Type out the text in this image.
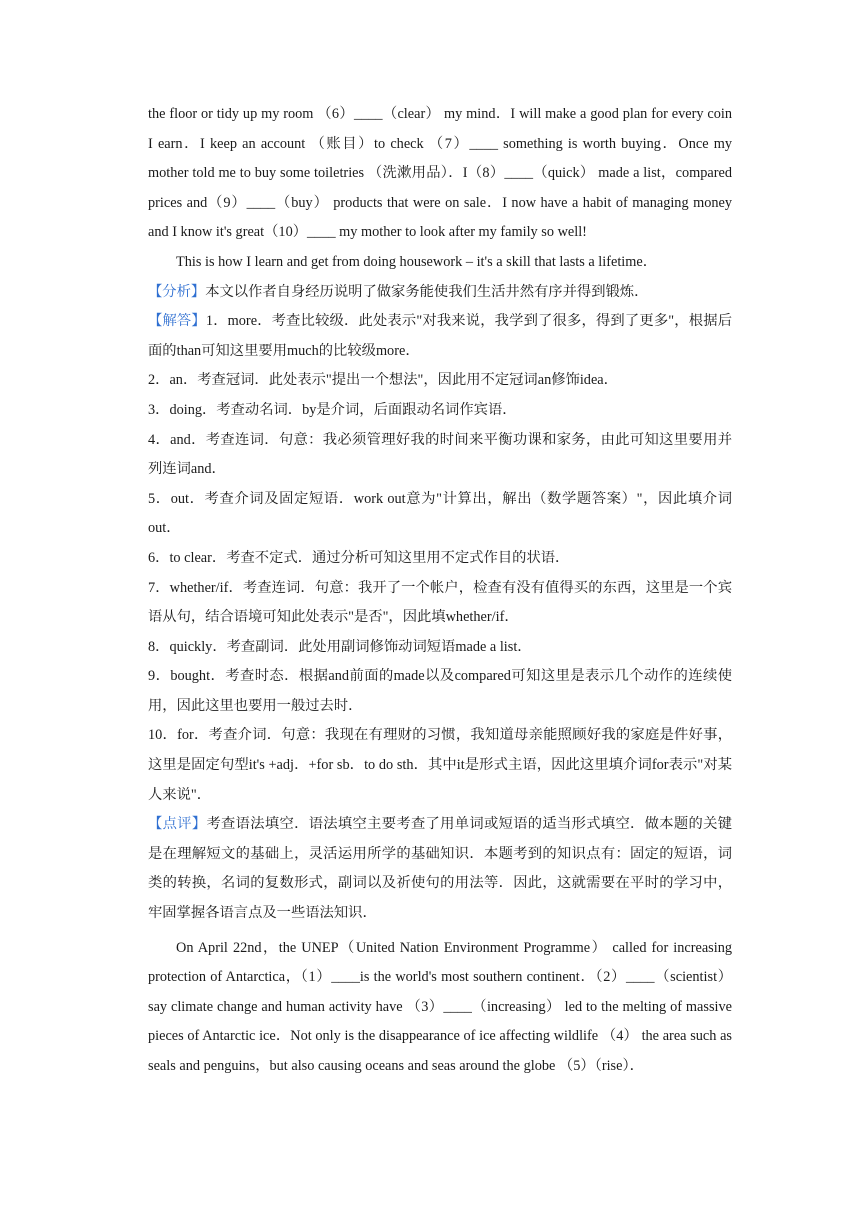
the floor or tidy up my room （6）____（clear） my mind．I will make a good plan for every coin I earn．I keep an account （账目）to check （7）____ something is worth buying．Once my mother told me to buy some toiletries （洗漱用品）．I（8）____（quick） made a list，compared prices and（9）____（buy） products that were on sale．I now have a habit of managing money and I know it's great（10）____ my mother to look after my family so well!

This is how I learn and get from doing housework – it's a skill that lasts a lifetime．

【分析】本文以作者自身经历说明了做家务能使我们生活井然有序并得到锻炼．

【解答】1．more．考查比较级．此处表示"对我来说，我学到了很多，得到了更多"，根据后面的than可知这里要用much的比较级more．

2．an．考查冠词．此处表示"提出一个想法"，因此用不定冠词an修饰idea．

3．doing．考查动名词．by是介词，后面跟动名词作宾语．

4．and．考查连词．句意：我必须管理好我的时间来平衡功课和家务，由此可知这里要用并列连词and．

5．out．考查介词及固定短语．work out意为"计算出，解出（数学题答案）"，因此填介词out．

6．to clear．考查不定式．通过分析可知这里用不定式作目的状语．

7．whether/if．考查连词．句意：我开了一个帐户，检查有没有值得买的东西，这里是一个宾语从句，结合语境可知此处表示"是否"，因此填whether/if．

8．quickly．考查副词．此处用副词修饰动词短语made a list．

9．bought．考查时态．根据and前面的made以及compared可知这里是表示几个动作的连续使用，因此这里也要用一般过去时．

10．for．考查介词．句意：我现在有理财的习惯，我知道母亲能照顾好我的家庭是件好事，这里是固定句型it's +adj．+for sb．to do sth．其中it是形式主语，因此这里填介词for表示"对某人来说"．

【点评】考查语法填空．语法填空主要考查了用单词或短语的适当形式填空．做本题的关键是在理解短文的基础上，灵活运用所学的基础知识．本题考到的知识点有：固定的短语，词类的转换，名词的复数形式，副词以及祈使句的用法等．因此，这就需要在平时的学习中，牢固掌握各语言点及一些语法知识．

On April 22nd，the UNEP（United Nation Environment Programme） called for increasing protection of Antarctica，（1）____is the world's most southern continent．（2）____（scientist） say climate change and human activity have （3）____（increasing） led to the melting of massive pieces of Antarctic ice．Not only is the disappearance of ice affecting wildlife （4） the area such as seals and penguins，but also causing oceans and seas around the globe （5）（rise）．
